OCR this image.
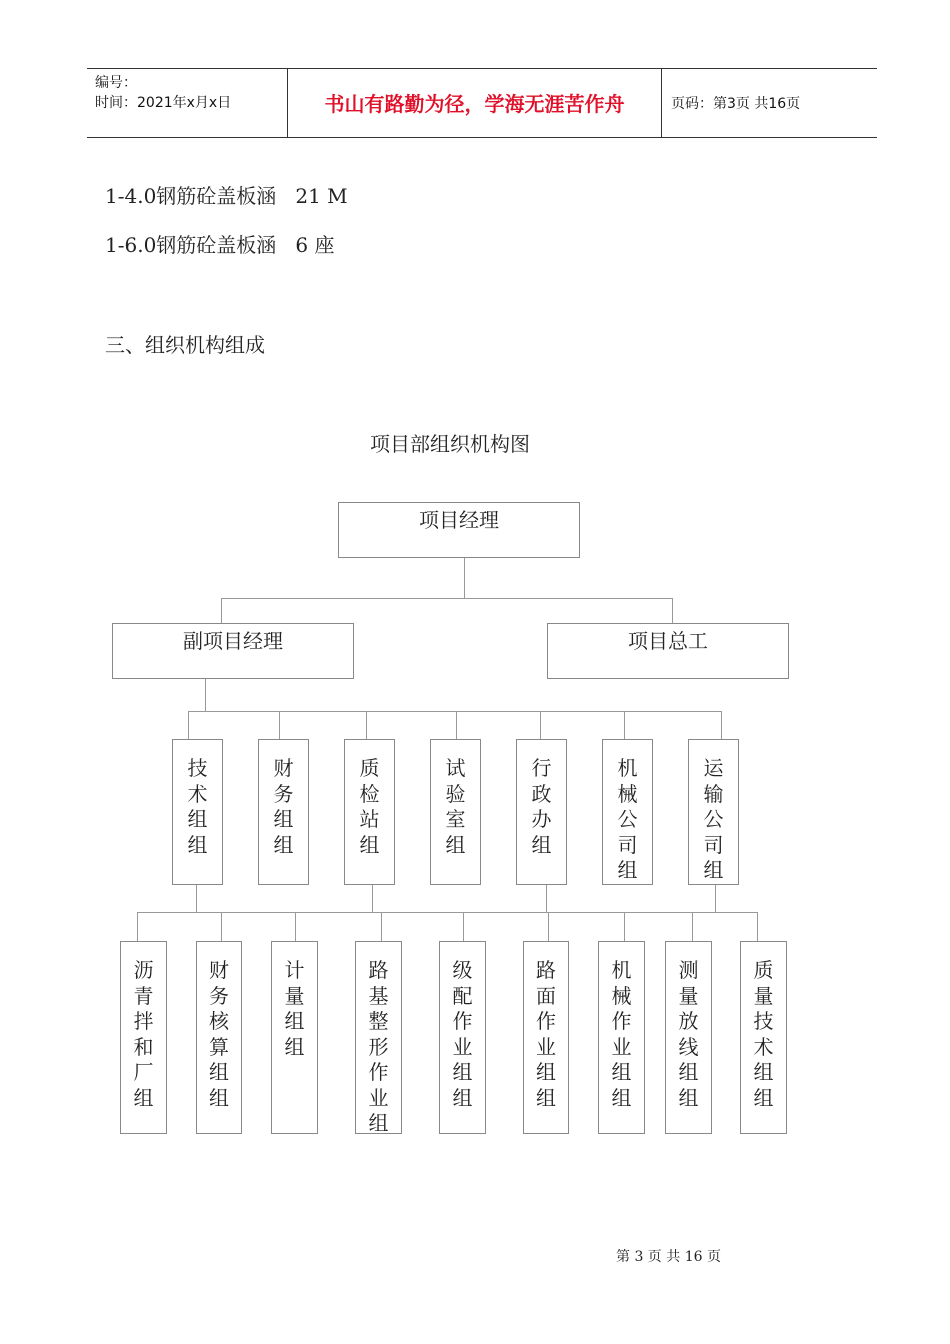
编号：
时间：2021年x月x日	书山有路勤为径，学海无涯苦作舟	页码：第3页 共16页
1-4.0钢筋砼盖板涵   21 M
1-6.0钢筋砼盖板涵   6 座
三、组织机构组成
项目部组织机构图
项目经理
副项目经理	项目总工
技
术
组
组
财
务
组
组
质
检
站
组
试
验
室
组
行
政
办
组
机
械
公
司
组
运
输
公
司
组
沥
青
拌
和
厂
组
财
务
核
算
组
组
计
量
组
组
路
基
整
形
作
业
组
级
配
作
业
组
组
路
面
作
业
组
组
机
械
作
业
组
组
测
量
放
线
组
组
质
量
技
术
组
组
第 3 页 共 16 页
